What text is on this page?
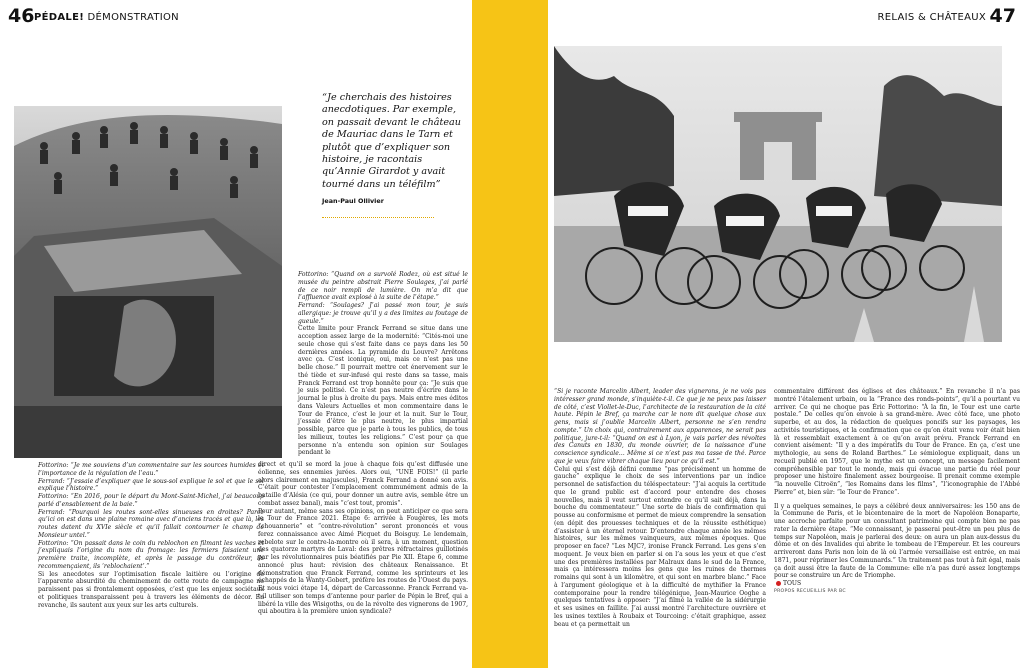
46 PÉDALE! DÉMONSTRATION

“Je cherchais des histoires anecdotiques. Par exemple, on passait devant le château de Mauriac dans le Tarn et plutôt que d’expliquer son histoire, je racontais qu’Annie Girardot y avait tourné dans un téléfilm”

Jean-Paul Ollivier

Fottorino: “Je me souviens d’un commentaire sur les sources humides et l’importance de la régulation de l’eau.”

Ferrand: “J’essaie d’expliquer que le sous-sol explique le sol et que le sol explique l’histoire.”

Fottorino: “En 2016, pour le départ du Mont-Saint-Michel, j’ai beaucoup parlé d’ensablement de la baie.”

Ferrand: “Pourquoi les routes sont-elles sinueuses en droites? Parce qu’ici on est dans une plaine romaine avec d’anciens tracés et que là, les routes datent du XVIe siècle et qu’il fallait contourner le champ de Monsieur untel.”

Fottorino: “On passait dans le coin du reblochon en filmant les vaches et j’expliquais l’origine du nom du fromage: les fermiers faisaient une première traite, incomplète, et après le passage du contrôleur, ils recommençaient, ils ‘reblochaient’.”

Si les anecdotes sur l’optimisation fiscale laitière ou l’origine de l’apparente absurdité du cheminement de cette route de campagne ne paraissent pas si frontalement opposées, c’est que les enjeux sociétaux et politiques transparaissent peu à travers les éléments de décor. En revanche, ils sautent aux yeux sur les arts culturels.

Fottorino: “Quand on a survolé Rodez, où est situé le musée du peintre abstrait Pierre Soulages, j’ai parlé de ce noir rempli de lumière. On m’a dit que l’affluence avait explosé à la suite de l’étape.”

Ferrand: “Soulages? J’ai passé mon tour, je suis allergique: je trouve qu’il y a des limites au foutage de gueule.”

Cette limite pour Franck Ferrand se situe dans une acception assez large de la modernité: “Cités-moi une seule chose qui s’est faite dans ce pays dans les 50 dernières années. La pyramide du Louvre? Arrêtons avec ça. C’est iconique, oui, mais ce n’est pas une belle chose.” Il pourrait mettre cet énervement sur le thé tiède et sur-infusé qui reste dans sa tasse, mais Franck Ferrand est trop honnête pour ça: “Je suis que je suis politisé. Ce n’est pas neutre d’écrire dans le journal le plus à droite du pays. Mais entre mes éditos dans Valeurs Actuelles et mon commentaire dans le Tour de France, c’est le jour et la nuit. Sur le Tour, j’essaie d’être le plus neutre, le plus impartial possible, parce que je parle à tous les publics, de tous les milieux, toutes les religions.” C’est pour ça que personne n’a entendu son opinion sur Soulages pendant le

direct et qu’il se mord la joue à chaque fois qu’est diffusée une éolienne, ses ennemies jurées. Alors oui, “UNE FOIS!” (il parle alors clairement en majuscules), Franck Ferrand a donné son avis. C’était pour contester l’emplacement communément admis de la bataille d’Alésia (ce qui, pour donner un autre avis, semble être un combat assez banal), mais “c’est tout, promis”.

Pour autant, même sans ses opinions, on peut anticiper ce que sera le Tour de France 2021. Étape 6: arrivée à Fougères, les mots “chouannerie” et “contre-révolution” seront prononcés et vous ferez connaissance avec Aimé Picquet du Boisguy. Le lendemain, rebelote sur le contre-la-montre où il sera, à un moment, question des quatorze martyrs de Laval: des prêtres réfractaires guillotinés par les révolutionnaires puis béatifiés par Pie XII. Étape 6, comme annoncé plus haut: révision des châteaux Renaissance. Et démonstration que Franck Ferrand, comme les sprinteurs et les échappés de la Wanty-Gobert, préfère les routes de l’Ouest du pays. Et nous voici étape 14, départ de Carcassonne. Franck Ferrand va-t-il utiliser son temps d’antenne pour parler de Pépin le Bref, qui a libéré la ville des Wisigoths, ou de la révolte des vignerons de 1907, qui aboutira à la première union syndicale?

RELAIS & CHÂTEAUX 47

“Si je raconte Marcelin Albert, leader des vignerons, je ne vois pas intéresser grand monde, s’inquiète-t-il. Ce que je ne peux pas laisser de côté, c’est Viollet-le-Duc, l’architecte de la restauration de la cité haute. Pépin le Bref, ça marche car le nom dit quelque chose aux gens, mais si j’oublie Marcelin Albert, personne ne s’en rendra compte.” Un choix qui, contrairement aux apparences, ne serait pas politique, jure-t-il: “Quand on est à Lyon, je vais parler des révoltes des Canuts en 1830, du monde ouvrier, de la naissance d’une conscience syndicale… Même si ce n’est pas ma tasse de thé. Parce que je veux faire vibrer chaque lieu pour ce qu’il est.”

Celui qui s’est déjà défini comme “pas précisément un homme de gauche” explique le choix de ses interventions par un indice personnel de satisfaction du téléspectateur: “J’ai acquis la certitude que le grand public est d’accord pour entendre des choses nouvelles, mais il veut surtout entendre ce qu’il sait déjà, dans la bouche du commentateur.” Une sorte de biais de confirmation qui pousse au conformisme et permet de mieux comprendre la sensation (en dépit des prouesses techniques et de la réussite esthétique) d’assister à un éternel retour. D’entendre chaque année les mêmes histoires, sur les mêmes vainqueurs, aux mêmes époques. Que proposer en face? “Les MJC?, ironise Franck Ferrand. Les gens s’en moquent. Je veux bien en parler si on l’a sous les yeux et que c’est une des premières installées par Malraux dans le sud de la France, mais ça intéressera moins les gens que les ruines de thermes romains qui sont à un kilomètre, et qui sont en marbre blanc.” Face à l’argument géologique et à la difficulté de mythifier la France contemporaine pour la rendre télégénique, Jean-Maurice Ooghe a quelques tentatives à opposer: “J’ai filmé la vallée de la sidérurgie et ses usines en faillite. J’ai aussi montré l’architecture ouvrière et les usines textiles à Roubaix et Tourcoing: c’était graphique, assez beau et ça permettait un

commentaire différent des églises et des châteaux.” En revanche il n’a pas montré l’étalement urbain, ou la “France des ronds-points”, qu’il a pourtant vu arriver. Ce qui ne choque pas Éric Fottorino: “À la fin, le Tour est une carte postale.” De celles qu’on envoie à sa grand-mère. Avec côté face, une photo superbe, et au dos, la rédaction de quelques poncifs sur les paysages, les activités touristiques, et la confirmation que ce qu’on était venu voir était bien là et ressemblait exactement à ce qu’on avait prévu. Franck Ferrand en convient aisément: “Il y a des impératifs du Tour de France. En ça, c’est une mythologie, au sens de Roland Barthes.” Le sémiologue expliquait, dans un recueil publié en 1957, que le mythe est un concept, un message facilement compréhensible par tout le monde, mais qui évacue une partie du réel pour proposer une histoire finalement assez bourgeoise. Il prenait comme exemple “la nouvelle Citroën”, “les Romains dans les films”, “l’iconographie de l’Abbé Pierre” et, bien sûr: “le Tour de France”.

Il y a quelques semaines, le pays a célébré deux anniversaires: les 150 ans de la Commune de Paris, et le bicentenaire de la mort de Napoléon Bonaparte, une accroche parfaite pour un consultant patrimoine qui compte bien ne pas rater la dernière étape. “Me connaissant, je passerai peut-être un peu plus de temps sur Napoléon, mais je parlerai des deux: on aura un plan aux-dessus du dôme et on des Invalides qui abrite le tombeau de l’Empereur. Et les coureurs arriveront dans Paris non loin de là où l’armée versaillaise est entrée, en mai 1871, pour réprimer les Communards.” Un traitement pas tout à fait égal, mais ça doit aussi être la faute de la Commune: elle n’a pas duré assez longtemps pour se construire un Arc de Triomphe.

TOUS

PROPOS RECUEILLIS PAR BC
